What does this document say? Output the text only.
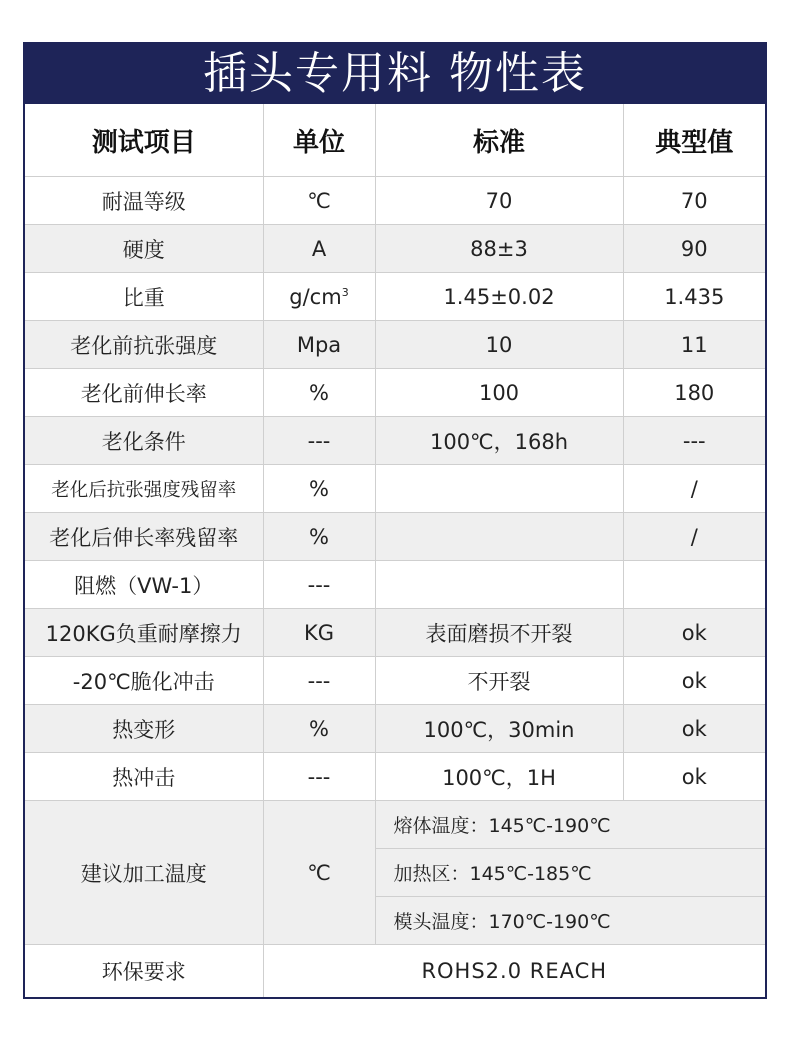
插头专用料 物性表
测试项目	单位	标准	典型值
耐温等级	℃	70	70
硬度	A	88±3	90
比重	$g/cm^3$	1.45±0.02	1.435
老化前抗张强度	Mpa	10	11
老化前伸长率	%	100	180
老化条件	---	100℃，168h	---
老化后抗张强度残留率	%		/
老化后伸长率残留率	%		/
阻燃（VW-1）	---		
120KG负重耐摩擦力	KG	表面磨损不开裂	ok
-20℃脆化冲击	---	不开裂	ok
热变形	%	100℃，30min	ok
热冲击	---	100℃，1H	ok
建议加工温度	℃	熔体温度：145℃-190℃	
		加热区：145℃-185℃	
		模头温度：170℃-190℃	
环保要求	ROHS2.0 REACH		
